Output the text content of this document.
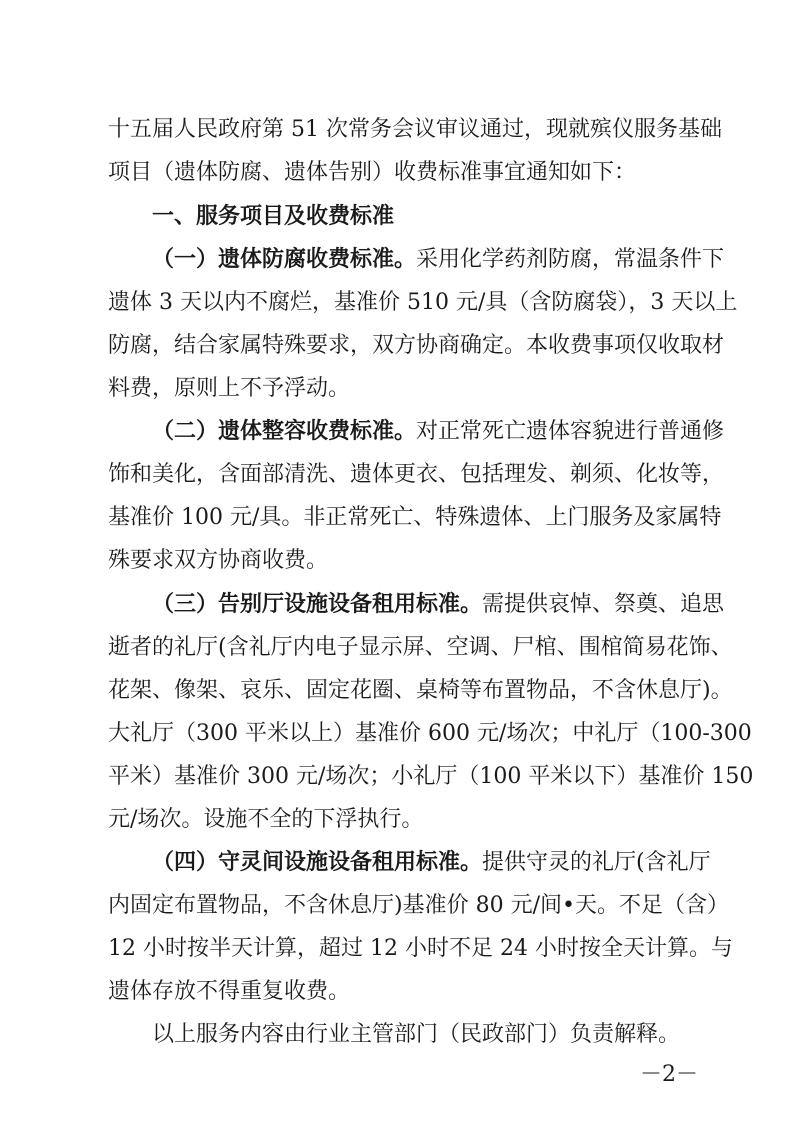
十五届人民政府第 51 次常务会议审议通过，现就殡仪服务基础
项目（遗体防腐、遗体告别）收费标准事宜通知如下：
一、服务项目及收费标准
（一）遗体防腐收费标准。采用化学药剂防腐，常温条件下
遗体 3 天以内不腐烂，基准价 510 元/具（含防腐袋），3 天以上
防腐，结合家属特殊要求，双方协商确定。本收费事项仅收取材
料费，原则上不予浮动。
（二）遗体整容收费标准。对正常死亡遗体容貌进行普通修
饰和美化，含面部清洗、遗体更衣、包括理发、剃须、化妆等，
基准价 100 元/具。非正常死亡、特殊遗体、上门服务及家属特
殊要求双方协商收费。
（三）告别厅设施设备租用标准。需提供哀悼、祭奠、追思
逝者的礼厅(含礼厅内电子显示屏、空调、尸棺、围棺简易花饰、
花架、像架、哀乐、固定花圈、桌椅等布置物品，不含休息厅)。
大礼厅（300 平米以上）基准价 600 元/场次；中礼厅（100-300
平米）基准价 300 元/场次；小礼厅（100 平米以下）基准价 150
元/场次。设施不全的下浮执行。
（四）守灵间设施设备租用标准。提供守灵的礼厅(含礼厅
内固定布置物品，不含休息厅)基准价 80 元/间•天。不足（含）
12 小时按半天计算，超过 12 小时不足 24 小时按全天计算。与
遗体存放不得重复收费。
以上服务内容由行业主管部门（民政部门）负责解释。
－2－
